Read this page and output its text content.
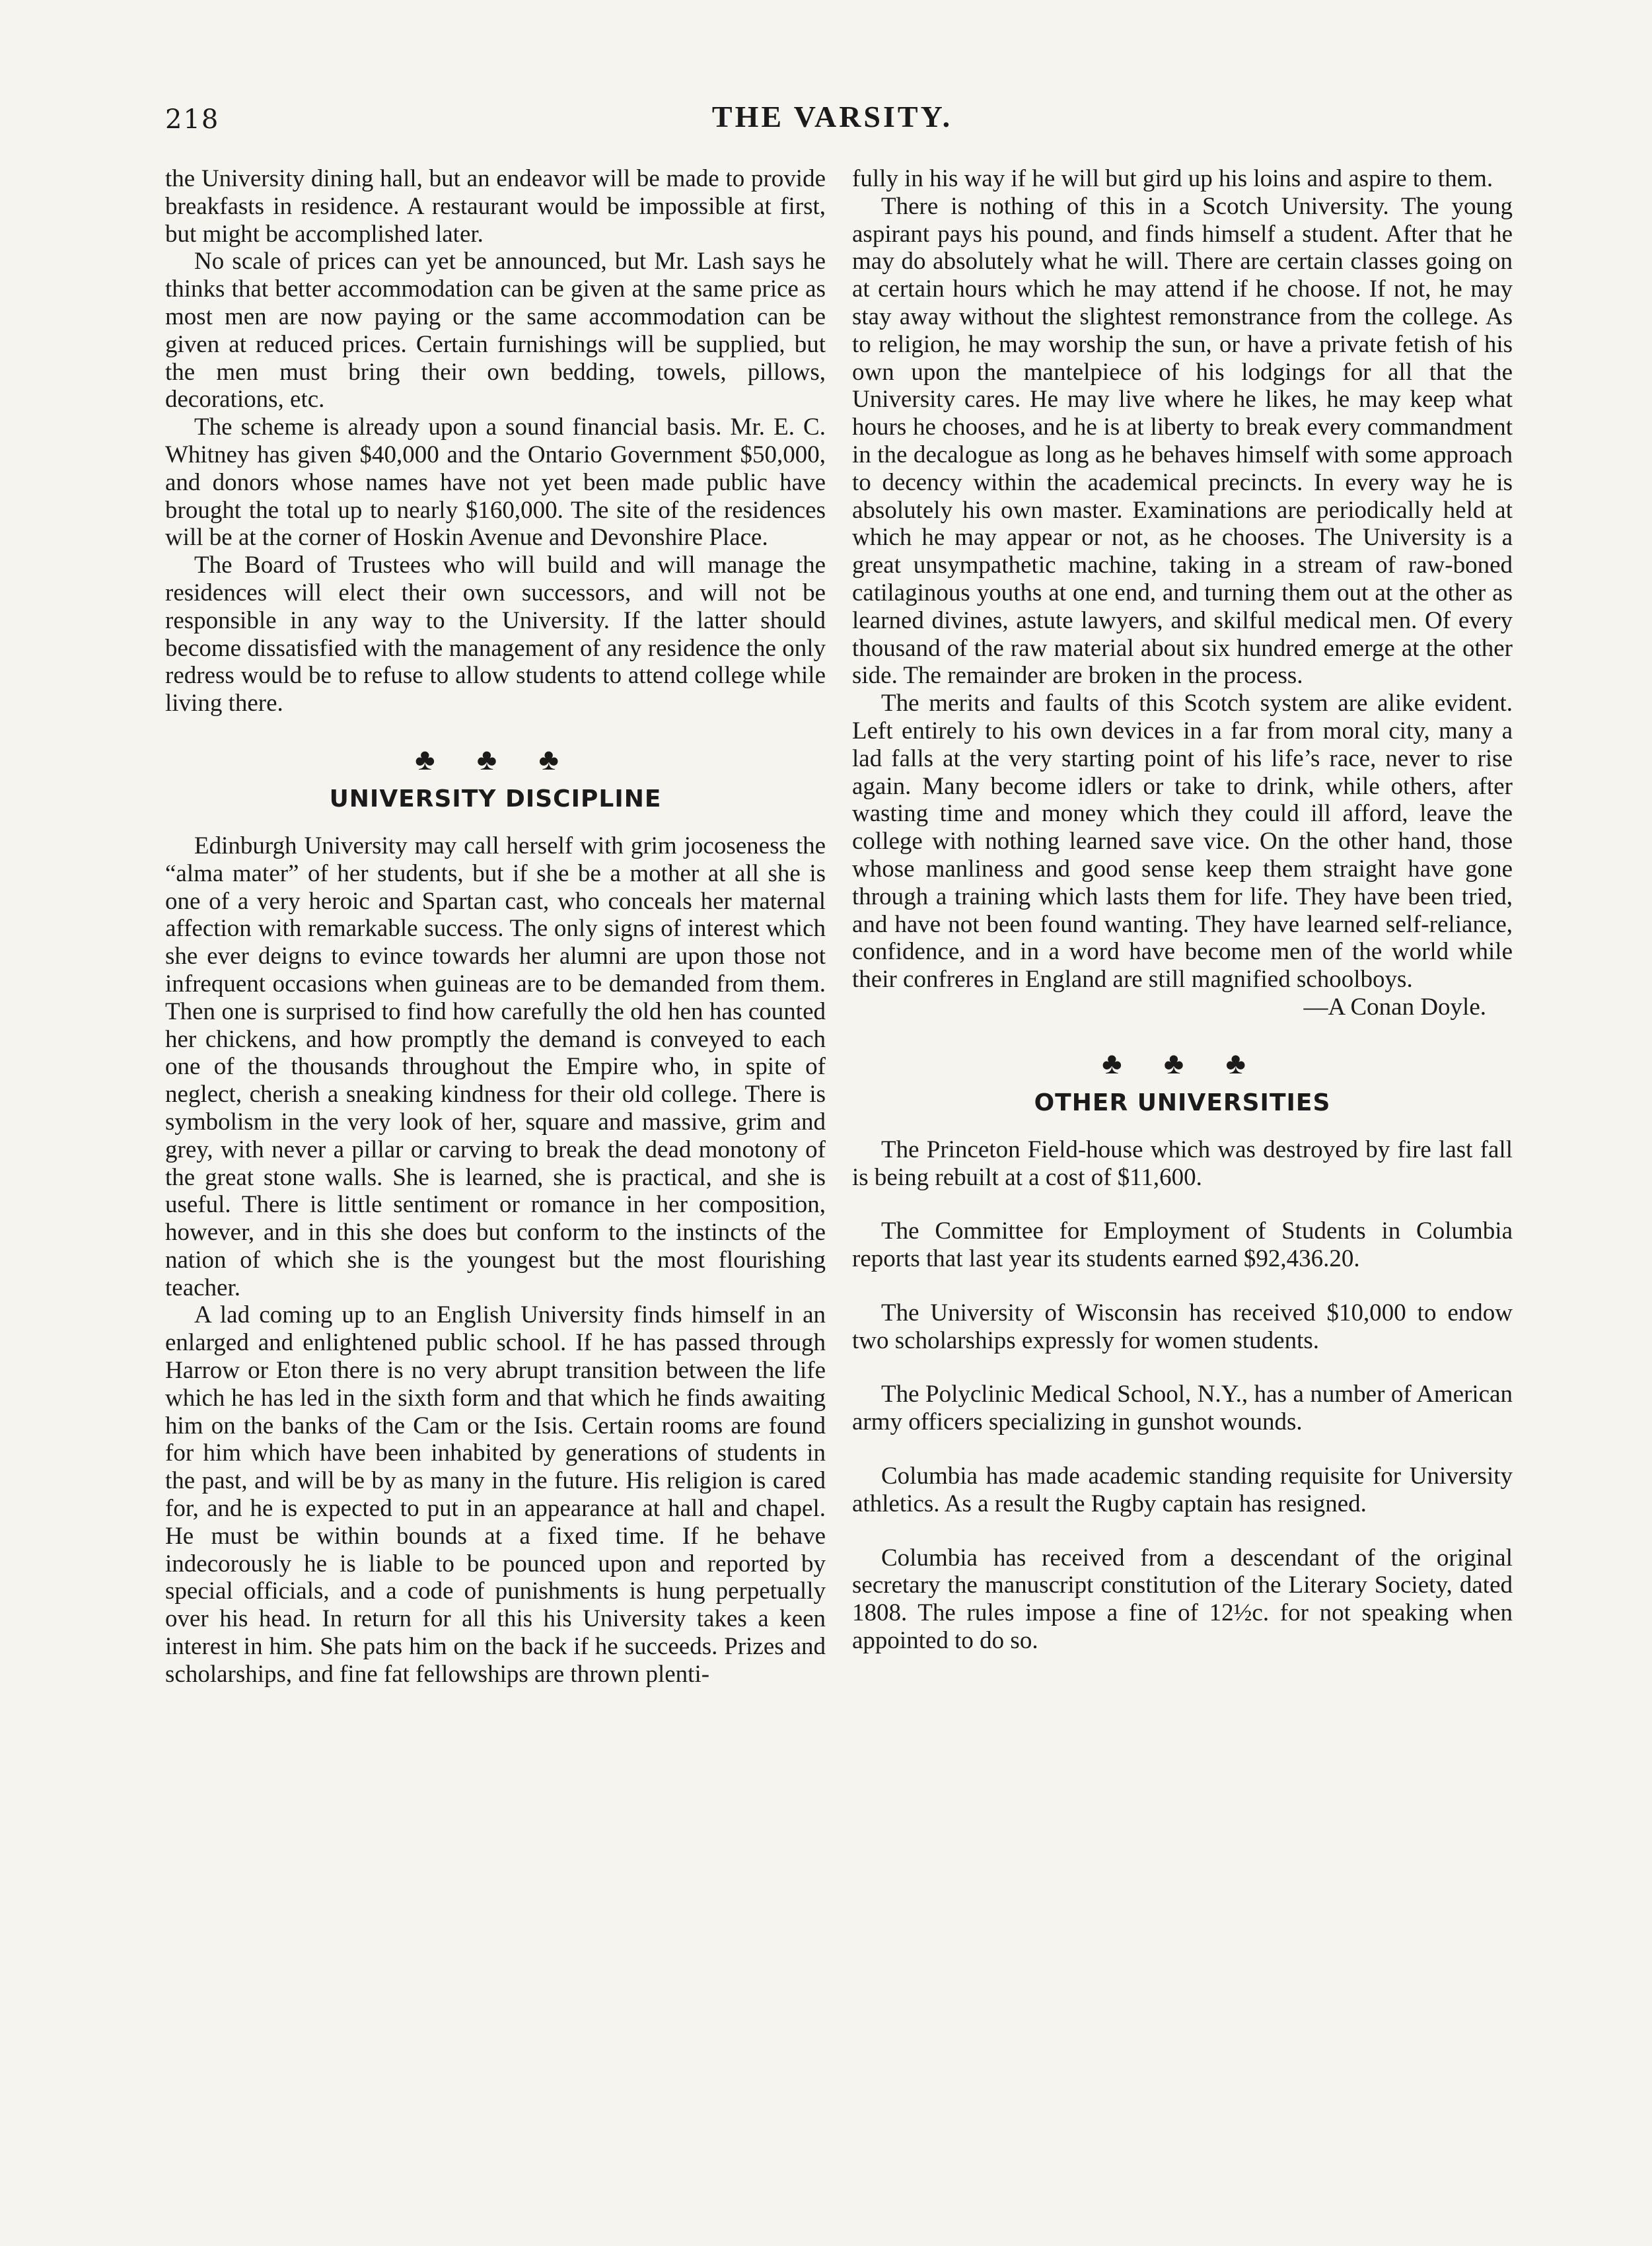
218	THE VARSITY.

the University dining hall, but an endeavor will be made to provide breakfasts in residence. A restaurant would be impossible at first, but might be accomplished later.

No scale of prices can yet be announced, but Mr. Lash says he thinks that better accommodation can be given at the same price as most men are now paying or the same accommodation can be given at reduced prices. Certain furnishings will be supplied, but the men must bring their own bedding, towels, pillows, decorations, etc.

The scheme is already upon a sound financial basis. Mr. E. C. Whitney has given $40,000 and the Ontario Government $50,000, and donors whose names have not yet been made public have brought the total up to nearly $160,000. The site of the residences will be at the corner of Hoskin Avenue and Devonshire Place.

The Board of Trustees who will build and will manage the residences will elect their own successors, and will not be responsible in any way to the University. If the latter should become dissatisfied with the management of any residence the only redress would be to refuse to allow students to attend college while living there.

♣ ♣ ♣
UNIVERSITY DISCIPLINE

Edinburgh University may call herself with grim jocoseness the “alma mater” of her students, but if she be a mother at all she is one of a very heroic and Spartan cast, who conceals her maternal affection with remarkable success. The only signs of interest which she ever deigns to evince towards her alumni are upon those not infrequent occasions when guineas are to be demanded from them. Then one is surprised to find how carefully the old hen has counted her chickens, and how promptly the demand is conveyed to each one of the thousands throughout the Empire who, in spite of neglect, cherish a sneaking kindness for their old college. There is symbolism in the very look of her, square and massive, grim and grey, with never a pillar or carving to break the dead monotony of the great stone walls. She is learned, she is practical, and she is useful. There is little sentiment or romance in her composition, however, and in this she does but conform to the instincts of the nation of which she is the youngest but the most flourishing teacher.

A lad coming up to an English University finds himself in an enlarged and enlightened public school. If he has passed through Harrow or Eton there is no very abrupt transition between the life which he has led in the sixth form and that which he finds awaiting him on the banks of the Cam or the Isis. Certain rooms are found for him which have been inhabited by generations of students in the past, and will be by as many in the future. His religion is cared for, and he is expected to put in an appearance at hall and chapel. He must be within bounds at a fixed time. If he behave indecorously he is liable to be pounced upon and reported by special officials, and a code of punishments is hung perpetually over his head. In return for all this his University takes a keen interest in him. She pats him on the back if he succeeds. Prizes and scholarships, and fine fat fellowships are thrown plenti-

fully in his way if he will but gird up his loins and aspire to them.

There is nothing of this in a Scotch University. The young aspirant pays his pound, and finds himself a student. After that he may do absolutely what he will. There are certain classes going on at certain hours which he may attend if he choose. If not, he may stay away without the slightest remonstrance from the college. As to religion, he may worship the sun, or have a private fetish of his own upon the mantelpiece of his lodgings for all that the University cares. He may live where he likes, he may keep what hours he chooses, and he is at liberty to break every commandment in the decalogue as long as he behaves himself with some approach to decency within the academical precincts. In every way he is absolutely his own master. Examinations are periodically held at which he may appear or not, as he chooses. The University is a great unsympathetic machine, taking in a stream of raw-boned catilaginous youths at one end, and turning them out at the other as learned divines, astute lawyers, and skilful medical men. Of every thousand of the raw material about six hundred emerge at the other side. The remainder are broken in the process.

The merits and faults of this Scotch system are alike evident. Left entirely to his own devices in a far from moral city, many a lad falls at the very starting point of his life’s race, never to rise again. Many become idlers or take to drink, while others, after wasting time and money which they could ill afford, leave the college with nothing learned save vice. On the other hand, those whose manliness and good sense keep them straight have gone through a training which lasts them for life. They have been tried, and have not been found wanting. They have learned self-reliance, confidence, and in a word have become men of the world while their confreres in England are still magnified schoolboys.

—A Conan Doyle.

♣ ♣ ♣
OTHER UNIVERSITIES

The Princeton Field-house which was destroyed by fire last fall is being rebuilt at a cost of $11,600.

The Committee for Employment of Students in Columbia reports that last year its students earned $92,436.20.

The University of Wisconsin has received $10,000 to endow two scholarships expressly for women students.

The Polyclinic Medical School, N.Y., has a number of American army officers specializing in gunshot wounds.

Columbia has made academic standing requisite for University athletics. As a result the Rugby captain has resigned.

Columbia has received from a descendant of the original secretary the manuscript constitution of the Literary Society, dated 1808. The rules impose a fine of 12½c. for not speaking when appointed to do so.
